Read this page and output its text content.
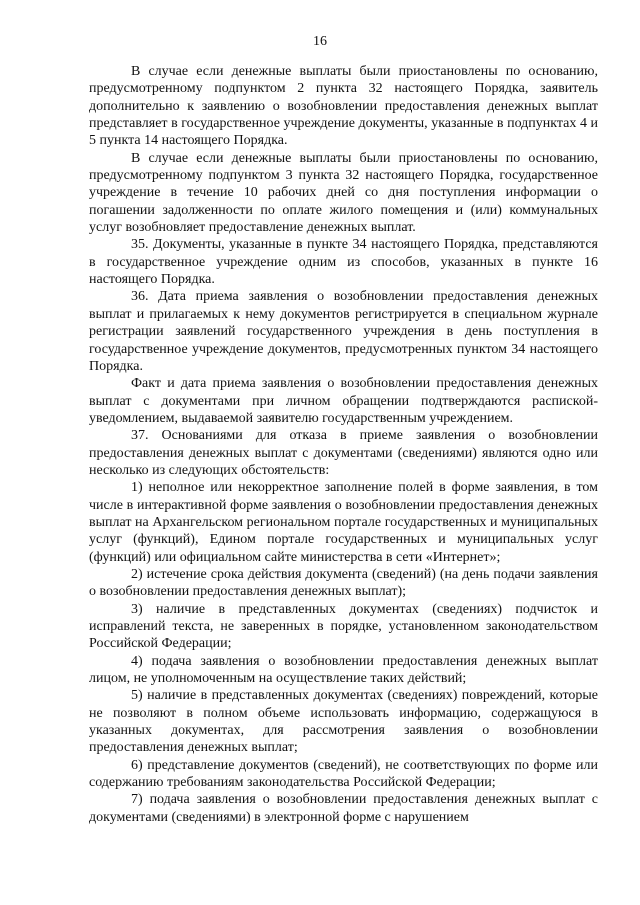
16

В случае если денежные выплаты были приостановлены по основанию, предусмотренному подпунктом 2 пункта 32 настоящего Порядка, заявитель дополнительно к заявлению о возобновлении предоставления денежных выплат представляет в государственное учреждение документы, указанные в подпунктах 4 и 5 пункта 14 настоящего Порядка.

В случае если денежные выплаты были приостановлены по основанию, предусмотренному подпунктом 3 пункта 32 настоящего Порядка, государственное учреждение в течение 10 рабочих дней со дня поступления информации о погашении задолженности по оплате жилого помещения и (или) коммунальных услуг возобновляет предоставление денежных выплат.

35. Документы, указанные в пункте 34 настоящего Порядка, представляются в государственное учреждение одним из способов, указанных в пункте 16 настоящего Порядка.

36. Дата приема заявления о возобновлении предоставления денежных выплат и прилагаемых к нему документов регистрируется в специальном журнале регистрации заявлений государственного учреждения в день поступления в государственное учреждение документов, предусмотренных пунктом 34 настоящего Порядка.

Факт и дата приема заявления о возобновлении предоставления денежных выплат с документами при личном обращении подтверждаются распиской-уведомлением, выдаваемой заявителю государственным учреждением.

37. Основаниями для отказа в приеме заявления о возобновлении предоставления денежных выплат с документами (сведениями) являются одно или несколько из следующих обстоятельств:

1) неполное или некорректное заполнение полей в форме заявления, в том числе в интерактивной форме заявления о возобновлении предоставления денежных выплат на Архангельском региональном портале государственных и муниципальных услуг (функций), Едином портале государственных и муниципальных услуг (функций) или официальном сайте министерства в сети «Интернет»;

2) истечение срока действия документа (сведений) (на день подачи заявления о возобновлении предоставления денежных выплат);

3) наличие в представленных документах (сведениях) подчисток и исправлений текста, не заверенных в порядке, установленном законодательством Российской Федерации;

4) подача заявления о возобновлении предоставления денежных выплат лицом, не уполномоченным на осуществление таких действий;

5) наличие в представленных документах (сведениях) повреждений, которые не позволяют в полном объеме использовать информацию, содержащуюся в указанных документах, для рассмотрения заявления о возобновлении предоставления денежных выплат;

6) представление документов (сведений), не соответствующих по форме или содержанию требованиям законодательства Российской Федерации;

7) подача заявления о возобновлении предоставления денежных выплат с документами (сведениями) в электронной форме с нарушением
